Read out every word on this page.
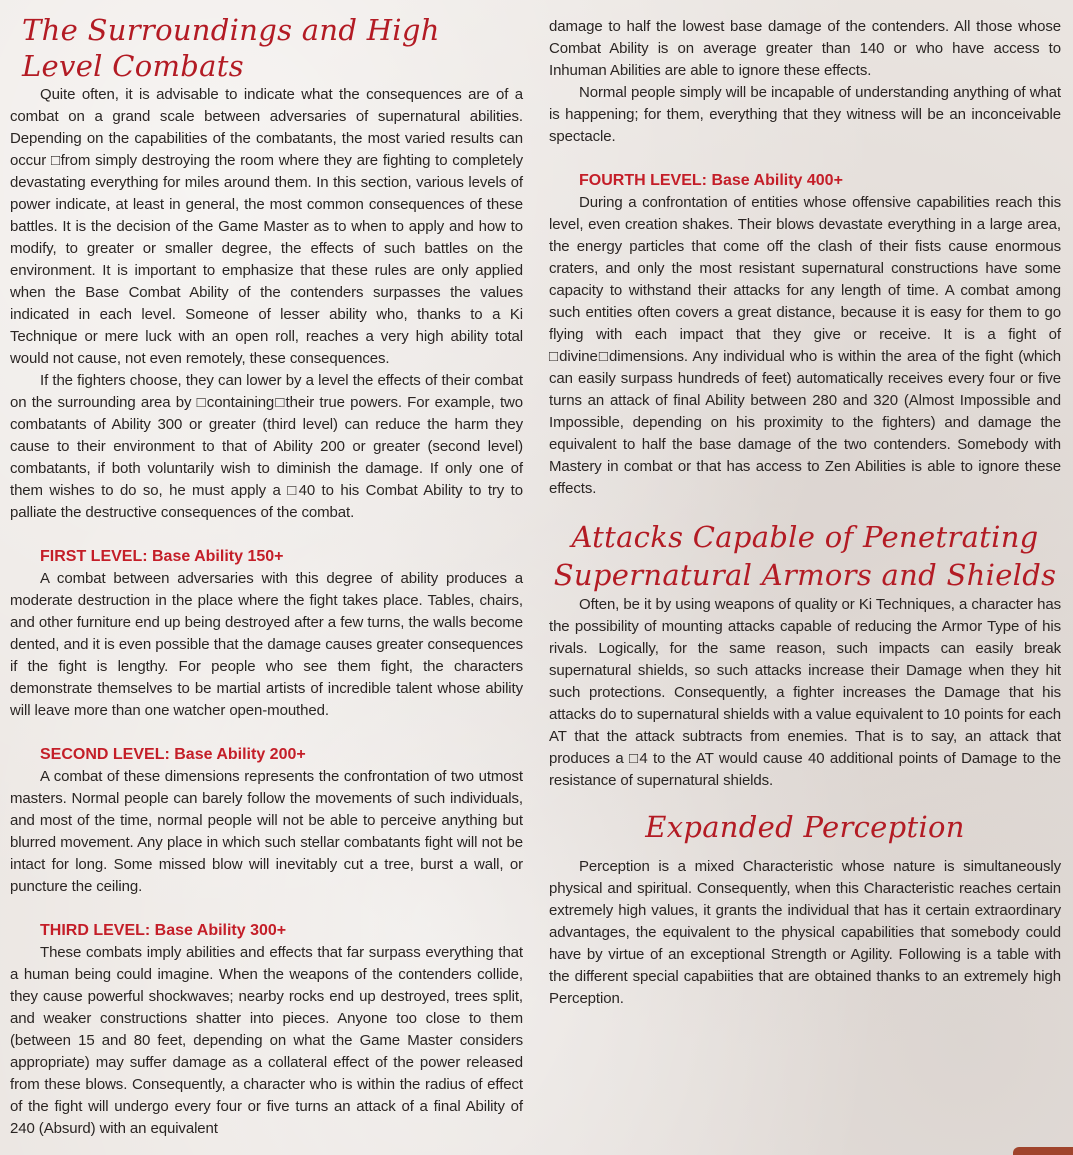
The Surroundings and High Level Combats

Quite often, it is advisable to indicate what the consequences are of a combat on a grand scale between adversaries of supernatural abilities. Depending on the capabilities of the combatants, the most varied results can occur □from simply destroying the room where they are fighting to completely devastating everything for miles around them. In this section, various levels of power indicate, at least in general, the most common consequences of these battles. It is the decision of the Game Master as to when to apply and how to modify, to greater or smaller degree, the effects of such battles on the environment. It is important to emphasize that these rules are only applied when the Base Combat Ability of the contenders surpasses the values indicated in each level. Someone of lesser ability who, thanks to a Ki Technique or mere luck with an open roll, reaches a very high ability total would not cause, not even remotely, these consequences.

If the fighters choose, they can lower by a level the effects of their combat on the surrounding area by □containing□their true powers. For example, two combatants of Ability 300 or greater (third level) can reduce the harm they cause to their environment to that of Ability 200 or greater (second level) combatants, if both voluntarily wish to diminish the damage. If only one of them wishes to do so, he must apply a □40 to his Combat Ability to try to palliate the destructive consequences of the combat.

FIRST LEVEL: Base Ability 150+

A combat between adversaries with this degree of ability produces a moderate destruction in the place where the fight takes place. Tables, chairs, and other furniture end up being destroyed after a few turns, the walls become dented, and it is even possible that the damage causes greater consequences if the fight is lengthy. For people who see them fight, the characters demonstrate themselves to be martial artists of incredible talent whose ability will leave more than one watcher open-mouthed.

SECOND LEVEL: Base Ability 200+

A combat of these dimensions represents the confrontation of two utmost masters. Normal people can barely follow the movements of such individuals, and most of the time, normal people will not be able to perceive anything but blurred movement. Any place in which such stellar combatants fight will not be intact for long. Some missed blow will inevitably cut a tree, burst a wall, or puncture the ceiling.

THIRD LEVEL: Base Ability 300+

These combats imply abilities and effects that far surpass everything that a human being could imagine. When the weapons of the contenders collide, they cause powerful shockwaves; nearby rocks end up destroyed, trees split, and weaker constructions shatter into pieces. Anyone too close to them (between 15 and 80 feet, depending on what the Game Master considers appropriate) may suffer damage as a collateral effect of the power released from these blows. Consequently, a character who is within the radius of effect of the fight will undergo every four or five turns an attack of a final Ability of 240 (Absurd) with an equivalent

damage to half the lowest base damage of the contenders. All those whose Combat Ability is on average greater than 140 or who have access to Inhuman Abilities are able to ignore these effects.

Normal people simply will be incapable of understanding anything of what is happening; for them, everything that they witness will be an inconceivable spectacle.

FOURTH LEVEL: Base Ability 400+

During a confrontation of entities whose offensive capabilities reach this level, even creation shakes. Their blows devastate everything in a large area, the energy particles that come off the clash of their fists cause enormous craters, and only the most resistant supernatural constructions have some capacity to withstand their attacks for any length of time. A combat among such entities often covers a great distance, because it is easy for them to go flying with each impact that they give or receive. It is a fight of □divine□dimensions. Any individual who is within the area of the fight (which can easily surpass hundreds of feet) automatically receives every four or five turns an attack of final Ability between 280 and 320 (Almost Impossible and Impossible, depending on his proximity to the fighters) and damage the equivalent to half the base damage of the two contenders. Somebody with Mastery in combat or that has access to Zen Abilities is able to ignore these effects.

Attacks Capable of Penetrating
Supernatural Armors and Shields

Often, be it by using weapons of quality or Ki Techniques, a character has the possibility of mounting attacks capable of reducing the Armor Type of his rivals. Logically, for the same reason, such impacts can easily break supernatural shields, so such attacks increase their Damage when they hit such protections. Consequently, a fighter increases the Damage that his attacks do to supernatural shields with a value equivalent to 10 points for each AT that the attack subtracts from enemies. That is to say, an attack that produces a □4 to the AT would cause 40 additional points of Damage to the resistance of supernatural shields.

Expanded Perception

Perception is a mixed Characteristic whose nature is simultaneously physical and spiritual. Consequently, when this Characteristic reaches certain extremely high values, it grants the individual that has it certain extraordinary advantages, the equivalent to the physical capabilities that somebody could have by virtue of an exceptional Strength or Agility. Following is a table with the different special capabiities that are obtained thanks to an extremely high Perception.
